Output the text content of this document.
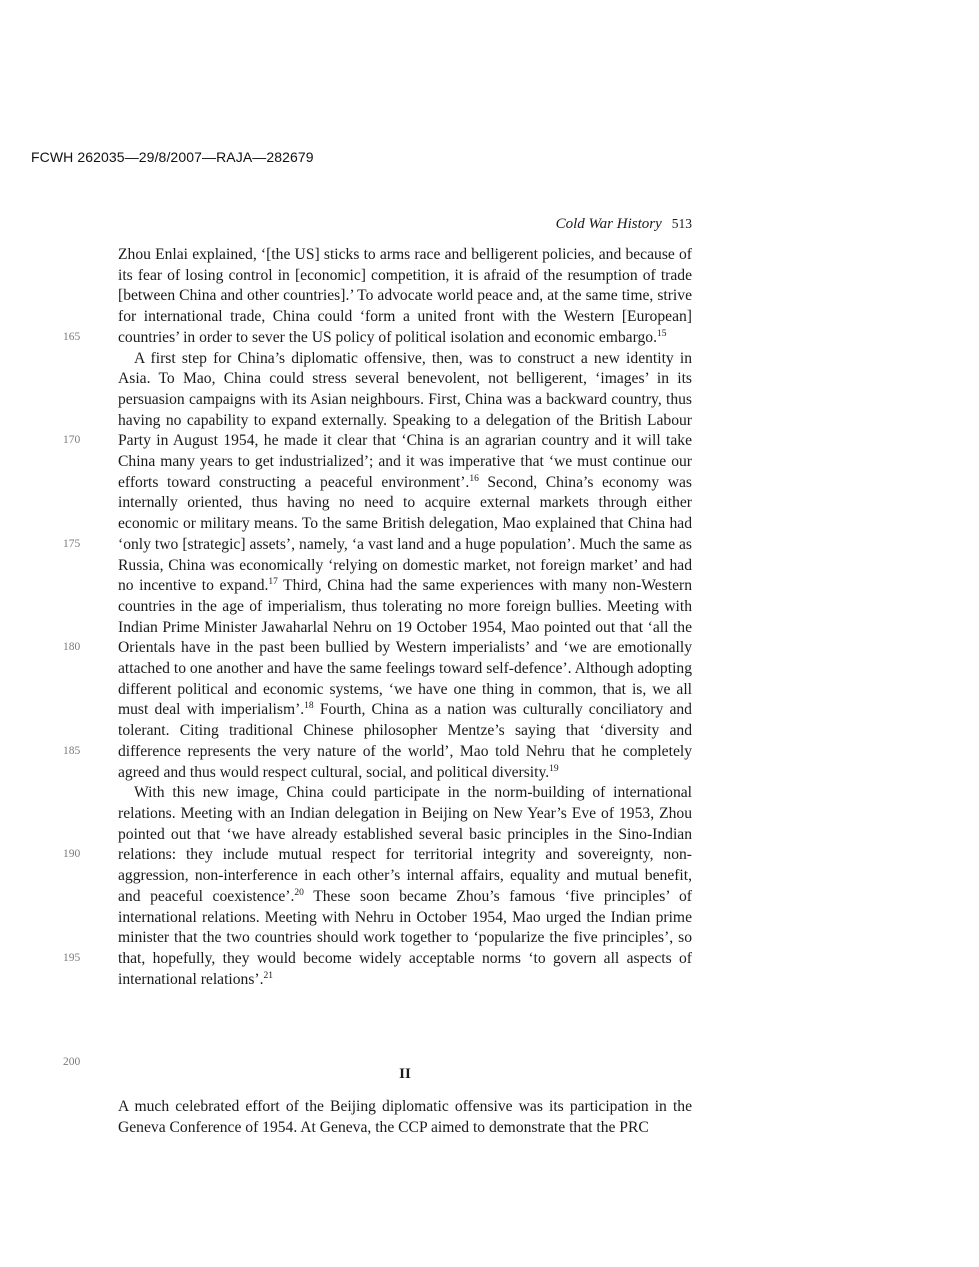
FCWH 262035—29/8/2007—RAJA—282679
Cold War History 513
165
170
175
180
185
190
195
200

Zhou Enlai explained, ‘[the US] sticks to arms race and belligerent policies, and because of its fear of losing control in [economic] competition, it is afraid of the resumption of trade [between China and other countries].’ To advocate world peace and, at the same time, strive for international trade, China could ‘form a united front with the Western [European] countries’ in order to sever the US policy of political isolation and economic embargo.$^{15}$

A first step for China’s diplomatic offensive, then, was to construct a new identity in Asia. To Mao, China could stress several benevolent, not belligerent, ‘images’ in its persuasion campaigns with its Asian neighbours. First, China was a backward country, thus having no capability to expand externally. Speaking to a delegation of the British Labour Party in August 1954, he made it clear that ‘China is an agrarian country and it will take China many years to get industrialized’; and it was imperative that ‘we must continue our efforts toward constructing a peaceful environment’.$^{16}$ Second, China’s economy was internally oriented, thus having no need to acquire external markets through either economic or military means. To the same British delegation, Mao explained that China had ‘only two [strategic] assets’, namely, ‘a vast land and a huge population’. Much the same as Russia, China was economically ‘relying on domestic market, not foreign market’ and had no incentive to expand.$^{17}$ Third, China had the same experiences with many non-Western countries in the age of imperialism, thus tolerating no more foreign bullies. Meeting with Indian Prime Minister Jawaharlal Nehru on 19 October 1954, Mao pointed out that ‘all the Orientals have in the past been bullied by Western imperialists’ and ‘we are emotionally attached to one another and have the same feelings toward self-defence’. Although adopting different political and economic systems, ‘we have one thing in common, that is, we all must deal with imperialism’.$^{18}$ Fourth, China as a nation was culturally conciliatory and tolerant. Citing traditional Chinese philosopher Mentze’s saying that ‘diversity and difference represents the very nature of the world’, Mao told Nehru that he completely agreed and thus would respect cultural, social, and political diversity.$^{19}$

With this new image, China could participate in the norm-building of international relations. Meeting with an Indian delegation in Beijing on New Year’s Eve of 1953, Zhou pointed out that ‘we have already established several basic principles in the Sino-Indian relations: they include mutual respect for territorial integrity and sovereignty, non-aggression, non-interference in each other’s internal affairs, equality and mutual benefit, and peaceful coexistence’.$^{20}$ These soon became Zhou’s famous ‘five principles’ of international relations. Meeting with Nehru in October 1954, Mao urged the Indian prime minister that the two countries should work together to ‘popularize the five principles’, so that, hopefully, they would become widely acceptable norms ‘to govern all aspects of international relations’.$^{21}$

II

A much celebrated effort of the Beijing diplomatic offensive was its participation in the Geneva Conference of 1954. At Geneva, the CCP aimed to demonstrate that the PRC
